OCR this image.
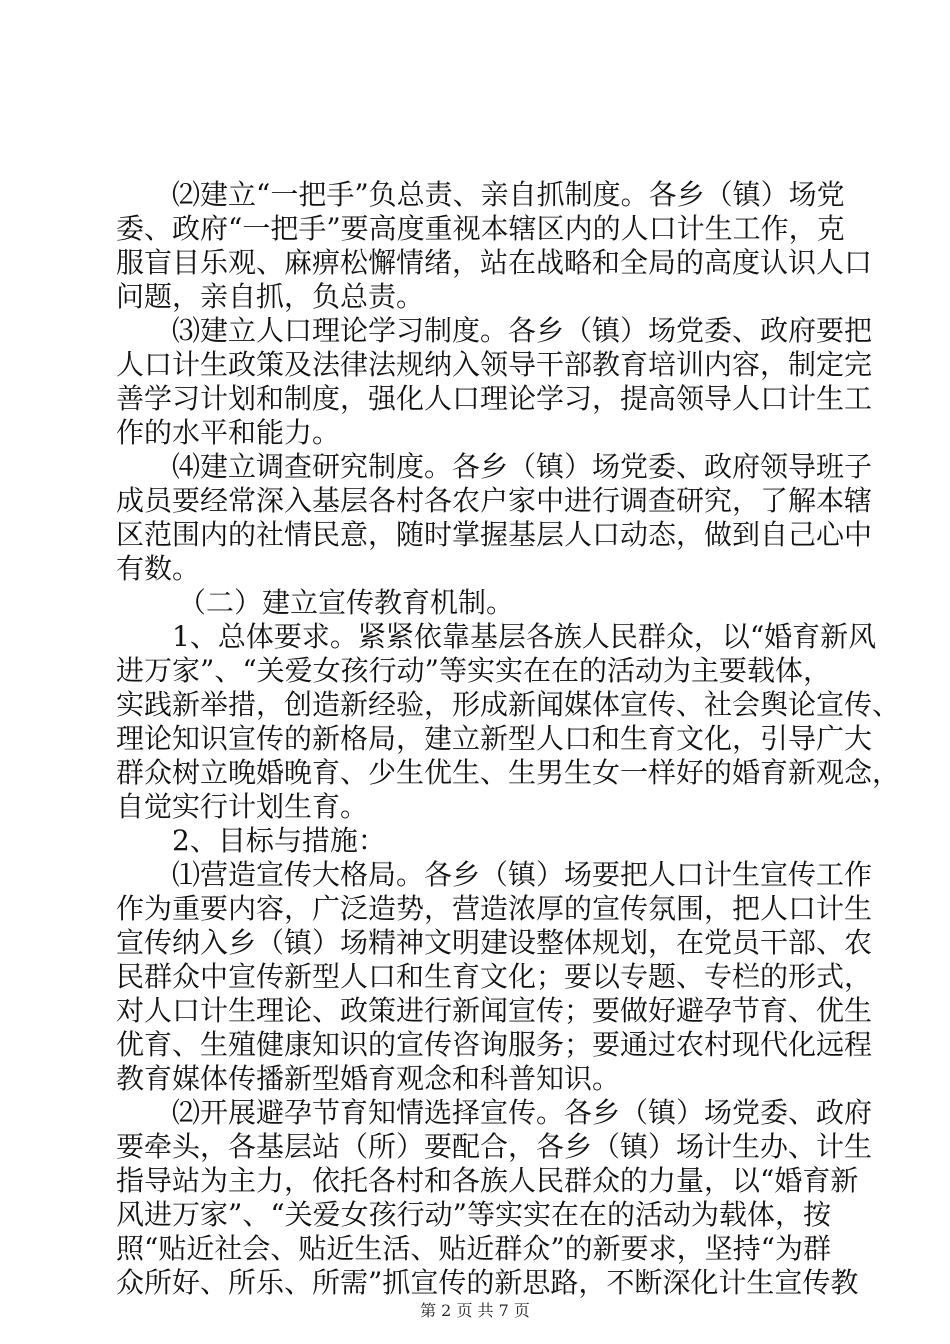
⑵建立“一把手”负总责、亲自抓制度。各乡（镇）场党
委、政府“一把手”要高度重视本辖区内的人口计生工作，克
服盲目乐观、麻痹松懈情绪，站在战略和全局的高度认识人口
问题，亲自抓，负总责。
⑶建立人口理论学习制度。各乡（镇）场党委、政府要把
人口计生政策及法律法规纳入领导干部教育培训内容，制定完
善学习计划和制度，强化人口理论学习，提高领导人口计生工
作的水平和能力。
⑷建立调查研究制度。各乡（镇）场党委、政府领导班子
成员要经常深入基层各村各农户家中进行调查研究，了解本辖
区范围内的社情民意，随时掌握基层人口动态，做到自己心中
有数。
（二）建立宣传教育机制。
1、总体要求。紧紧依靠基层各族人民群众，以“婚育新风
进万家”、“关爱女孩行动”等实实在在的活动为主要载体，
实践新举措，创造新经验，形成新闻媒体宣传、社会舆论宣传、
理论知识宣传的新格局，建立新型人口和生育文化，引导广大
群众树立晚婚晚育、少生优生、生男生女一样好的婚育新观念，
自觉实行计划生育。
2、目标与措施：
⑴营造宣传大格局。各乡（镇）场要把人口计生宣传工作
作为重要内容，广泛造势，营造浓厚的宣传氛围，把人口计生
宣传纳入乡（镇）场精神文明建设整体规划，在党员干部、农
民群众中宣传新型人口和生育文化；要以专题、专栏的形式，
对人口计生理论、政策进行新闻宣传；要做好避孕节育、优生
优育、生殖健康知识的宣传咨询服务；要通过农村现代化远程
教育媒体传播新型婚育观念和科普知识。
⑵开展避孕节育知情选择宣传。各乡（镇）场党委、政府
要牵头，各基层站（所）要配合，各乡（镇）场计生办、计生
指导站为主力，依托各村和各族人民群众的力量，以“婚育新
风进万家”、“关爱女孩行动”等实实在在的活动为载体，按
照“贴近社会、贴近生活、贴近群众”的新要求，坚持“为群
众所好、所乐、所需”抓宣传的新思路，不断深化计生宣传教
第 2 页 共 7 页
